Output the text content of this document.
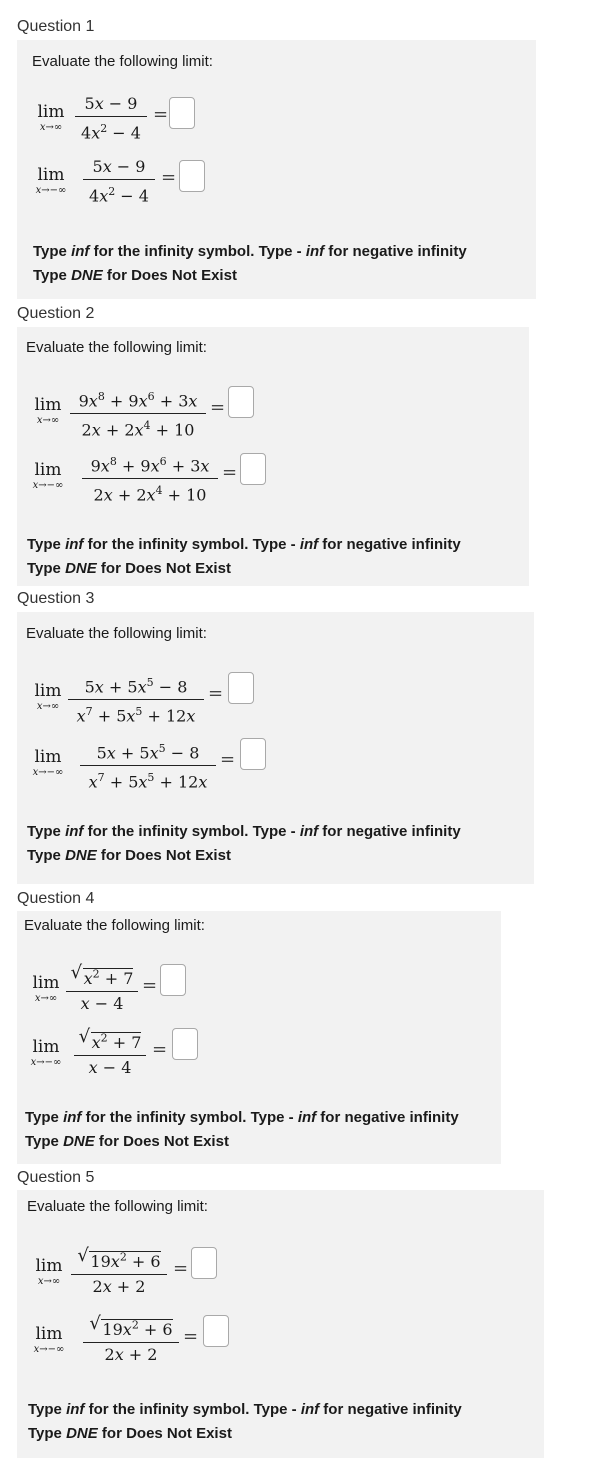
Question 1
Evaluate the following limit:
lim
$x\to\infty \frac{5x - 9}{4x^2 - 4}$ =
lim
x→−∞	$\frac{5x - 9}{4x^2 - 4}$ =
Type inf for the infinity symbol. Type - inf for negative infinity
Type DNE for Does Not Exist
Question 2
Evaluate the following limit:
lim
$x\to\infty \frac{9x^8 + 9x^6 + 3x}{2x + 2x^4 + 10}$ =
lim
x→−∞	$\frac{9x^8 + 9x^6 + 3x}{2x + 2x^4 + 10}$ =
Type inf for the infinity symbol. Type - inf for negative infinity
Type DNE for Does Not Exist
Question 3
Evaluate the following limit:
lim
$x\to\infty \frac{5x + 5x^5 - 8}{x^7 + 5x^5 + 12x}$ =
lim
x→−∞	$\frac{5x + 5x^5 - 8}{x^7 + 5x^5 + 12x}$ =
Type inf for the infinity symbol. Type - inf for negative infinity
Type DNE for Does Not Exist
Question 4
Evaluate the following limit:
lim
$x\to\infty \frac{√ x^2 + 7}{x - 4}$ =
lim
$x\to-\infty \frac{√ x^2 + 7}{x - 4}$ =
Type inf for the infinity symbol. Type - inf for negative infinity
Type DNE for Does Not Exist
Question 5
Evaluate the following limit:
lim
$x\to\infty \frac{√ 19x^2 + 6}{2x + 2}$ =
lim
x→−∞	$\frac{√ 19x^2 + 6}{2x + 2}$ =
Type inf for the infinity symbol. Type - inf for negative infinity
Type DNE for Does Not Exist
